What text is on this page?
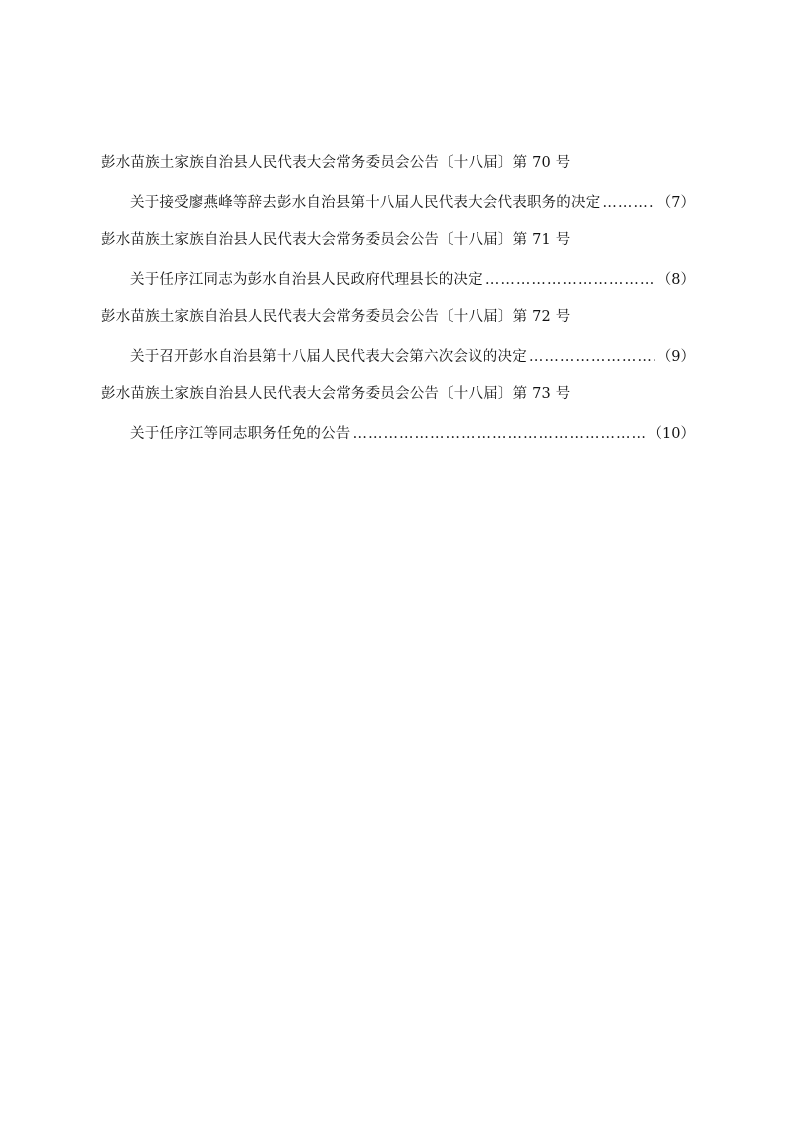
彭水苗族土家族自治县人民代表大会常务委员会公告〔十八届〕第 70 号
关于接受廖燕峰等辞去彭水自治县第十八届人民代表大会代表职务的决定 ……………………………………………………………………………………………………………………………………………………………………	（7）
彭水苗族土家族自治县人民代表大会常务委员会公告〔十八届〕第 71 号
关于任序江同志为彭水自治县人民政府代理县长的决定 ……………………………………………………………………………………………………………………………………………………………………	（8）
彭水苗族土家族自治县人民代表大会常务委员会公告〔十八届〕第 72 号
关于召开彭水自治县第十八届人民代表大会第六次会议的决定 ……………………………………………………………………………………………………………………………………………………………………	（9）
彭水苗族土家族自治县人民代表大会常务委员会公告〔十八届〕第 73 号
关于任序江等同志职务任免的公告 ……………………………………………………………………………………………………………………………………………………………………	（10）
